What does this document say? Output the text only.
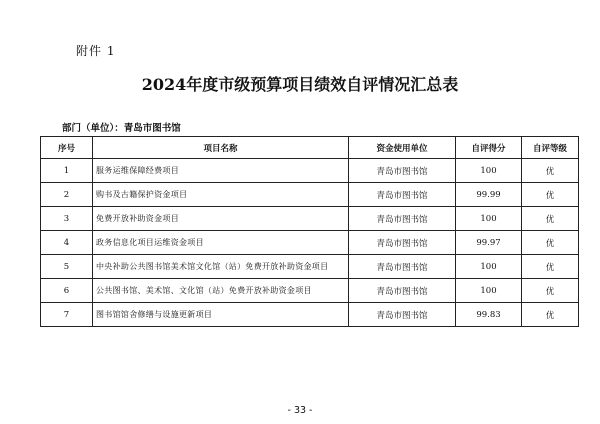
附件 1
2024年度市级预算项目绩效自评情况汇总表
部门（单位）：青岛市图书馆
序号	项目名称	资金使用单位	自评得分	自评等级
1	服务运维保障经费项目	青岛市图书馆	100	优
2	购书及古籍保护资金项目	青岛市图书馆	99.99	优
3	免费开放补助资金项目	青岛市图书馆	100	优
4	政务信息化项目运维资金项目	青岛市图书馆	99.97	优
5	中央补助公共图书馆美术馆文化馆（站）免费开放补助资金项目	青岛市图书馆	100	优
6	公共图书馆、美术馆、文化馆（站）免费开放补助资金项目	青岛市图书馆	100	优
7	图书馆馆舍修缮与设施更新项目	青岛市图书馆	99.83	优
- 33 -
